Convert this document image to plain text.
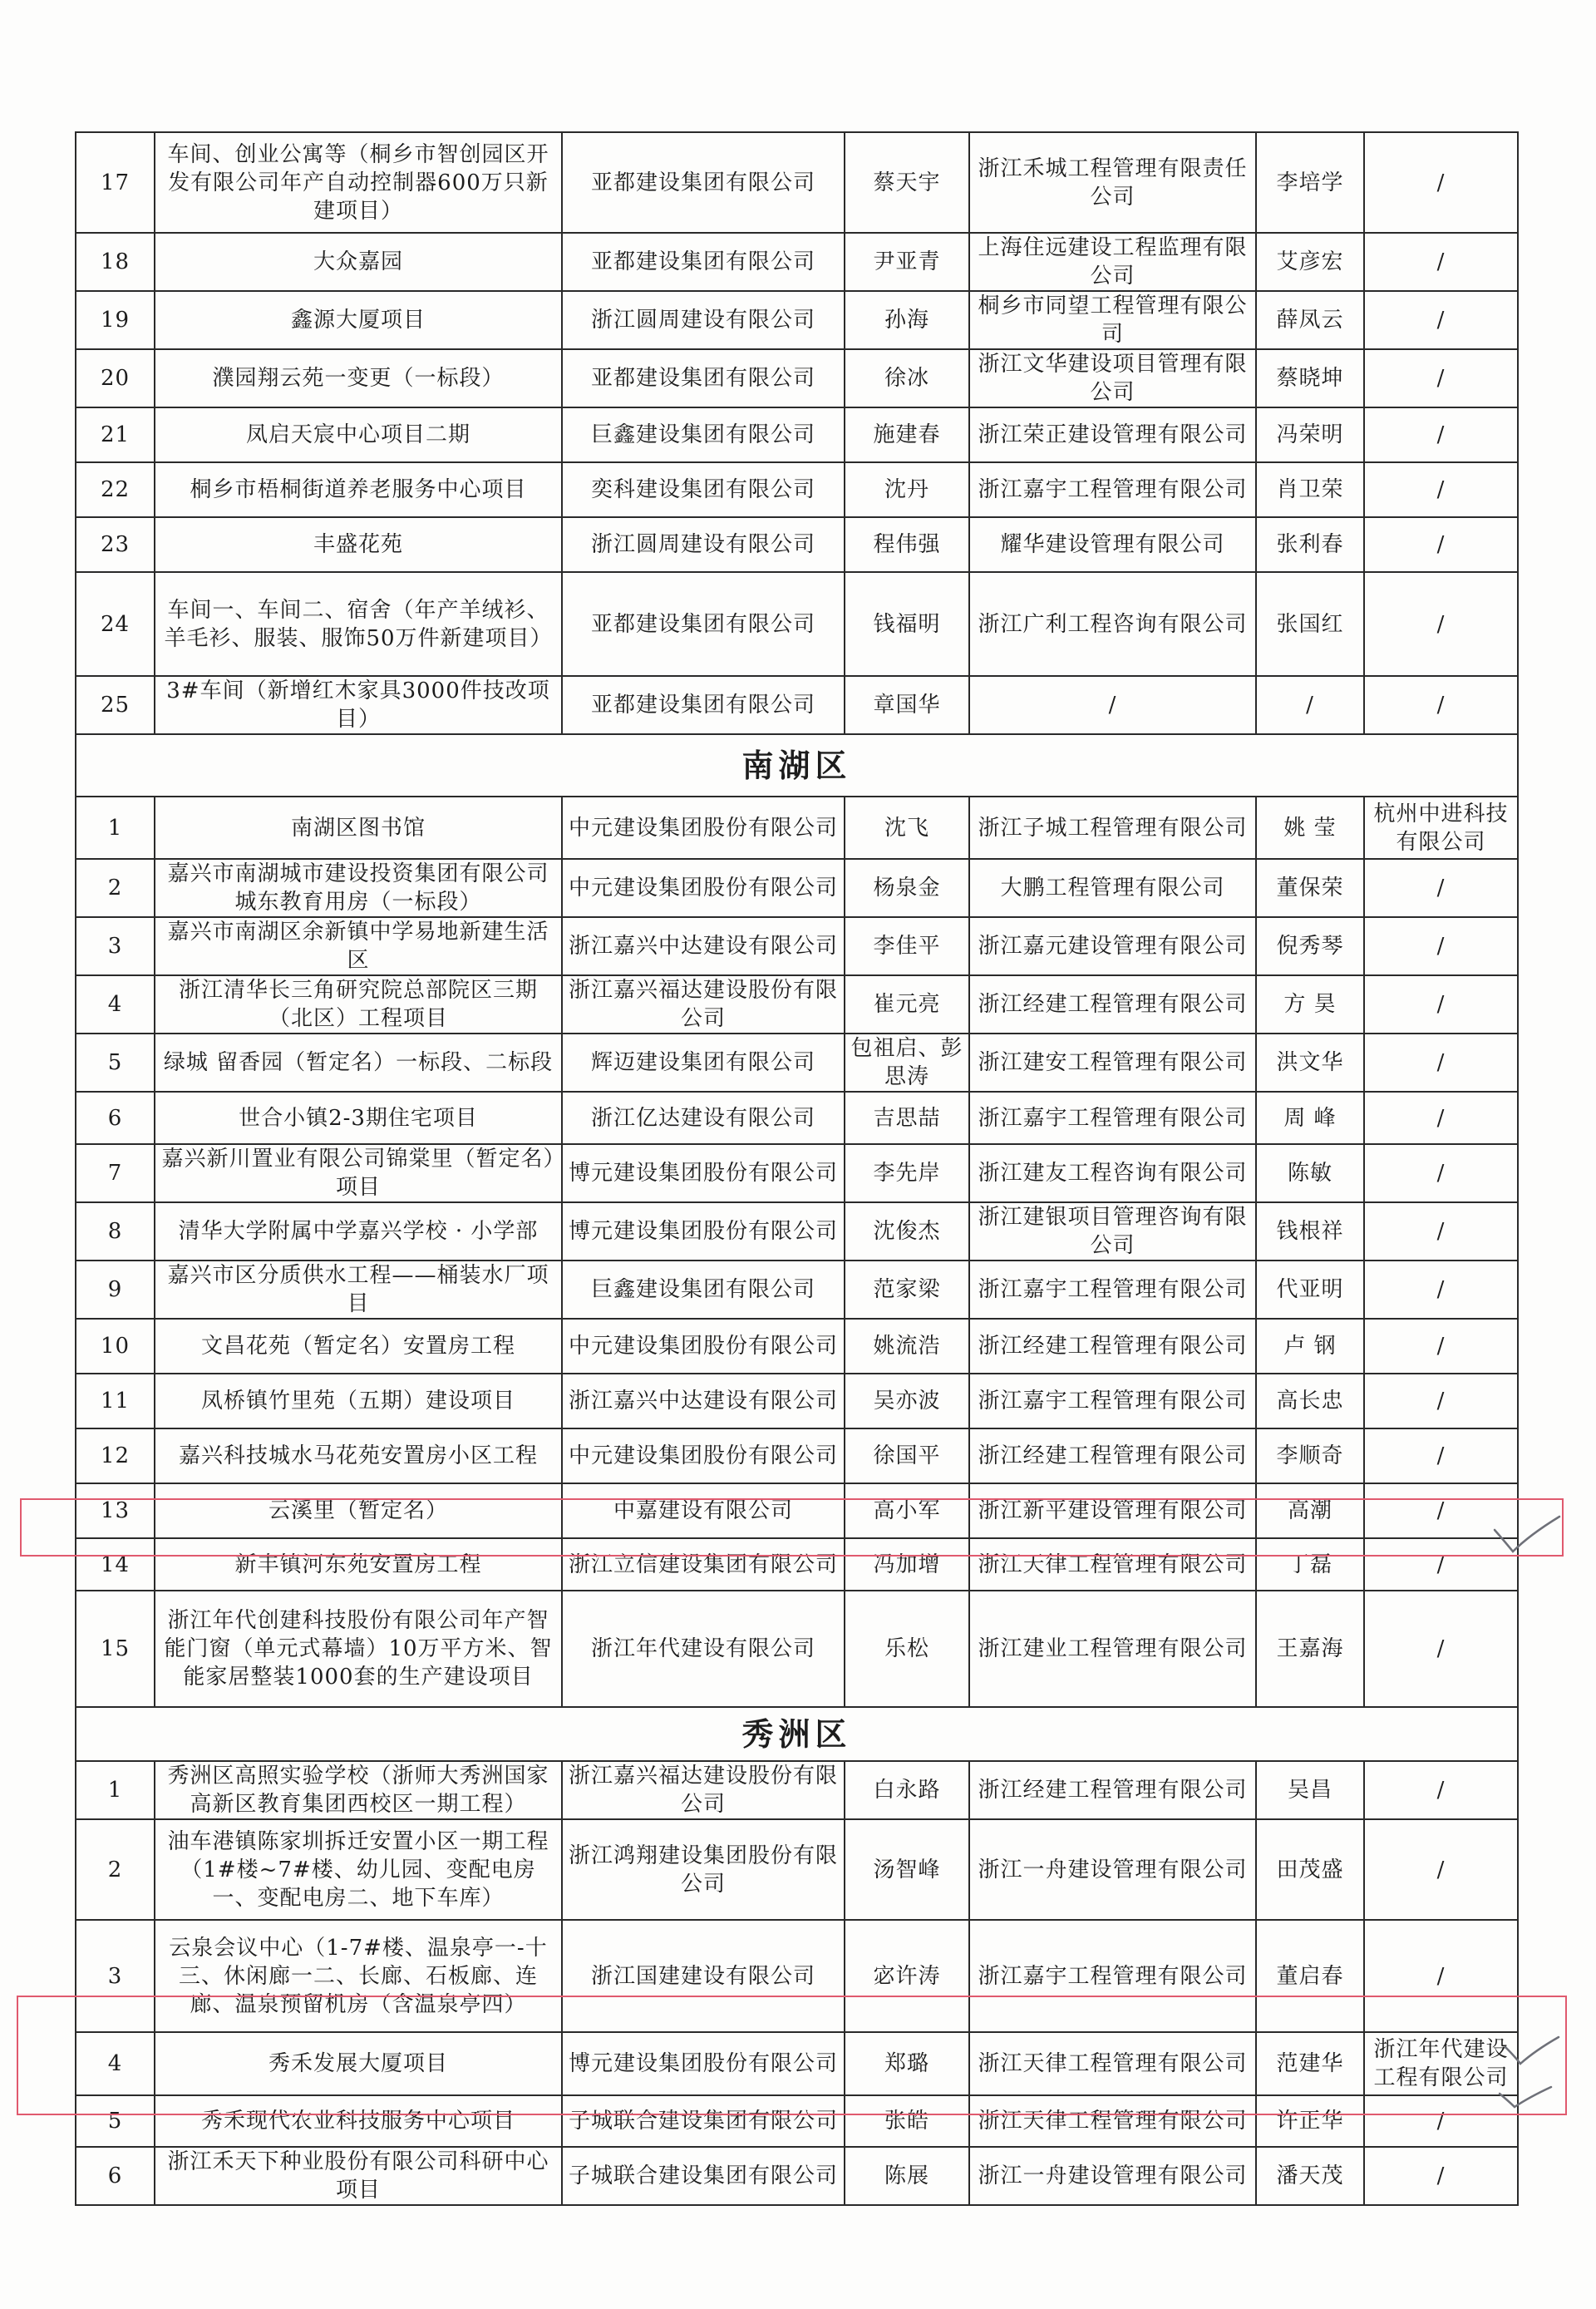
17	车间、创业公寓等（桐乡市智创园区开发有限公司年产自动控制器600万只新建项目）	亚都建设集团有限公司	蔡天宇	浙江禾城工程管理有限责任公司	李培学	/
18	大众嘉园	亚都建设集团有限公司	尹亚青	上海住远建设工程监理有限公司	艾彦宏	/
19	鑫源大厦项目	浙江圆周建设有限公司	孙海	桐乡市同望工程管理有限公司	薛凤云	/
20	濮园翔云苑一变更（一标段）	亚都建设集团有限公司	徐冰	浙江文华建设项目管理有限公司	蔡晓坤	/
21	凤启天宸中心项目二期	巨鑫建设集团有限公司	施建春	浙江荣正建设管理有限公司	冯荣明	/
22	桐乡市梧桐街道养老服务中心项目	奕科建设集团有限公司	沈丹	浙江嘉宇工程管理有限公司	肖卫荣	/
23	丰盛花苑	浙江圆周建设有限公司	程伟强	耀华建设管理有限公司	张利春	/
24	车间一、车间二、宿舍（年产羊绒衫、羊毛衫、服装、服饰50万件新建项目）	亚都建设集团有限公司	钱福明	浙江广利工程咨询有限公司	张国红	/
25	3#车间（新增红木家具3000件技改项目）	亚都建设集团有限公司	章国华	/	/	/
南湖区						
1	南湖区图书馆	中元建设集团股份有限公司	沈飞	浙江子城工程管理有限公司	姚 莹	杭州中进科技有限公司
2	嘉兴市南湖城市建设投资集团有限公司城东教育用房（一标段）	中元建设集团股份有限公司	杨泉金	大鹏工程管理有限公司	董保荣	/
3	嘉兴市南湖区余新镇中学易地新建生活区	浙江嘉兴中达建设有限公司	李佳平	浙江嘉元建设管理有限公司	倪秀琴	/
4	浙江清华长三角研究院总部院区三期（北区）工程项目	浙江嘉兴福达建设股份有限公司	崔元亮	浙江经建工程管理有限公司	方 昊	/
5	绿城 留香园（暂定名）一标段、二标段	辉迈建设集团有限公司	包祖启、彭思涛	浙江建安工程管理有限公司	洪文华	/
6	世合小镇2-3期住宅项目	浙江亿达建设有限公司	吉思喆	浙江嘉宇工程管理有限公司	周 峰	/
7	嘉兴新川置业有限公司锦棠里（暂定名）项目	博元建设集团股份有限公司	李先岸	浙江建友工程咨询有限公司	陈敏	/
8	清华大学附属中学嘉兴学校 · 小学部	博元建设集团股份有限公司	沈俊杰	浙江建银项目管理咨询有限公司	钱根祥	/
9	嘉兴市区分质供水工程——桶装水厂项目	巨鑫建设集团有限公司	范家梁	浙江嘉宇工程管理有限公司	代亚明	/
10	文昌花苑（暂定名）安置房工程	中元建设集团股份有限公司	姚流浩	浙江经建工程管理有限公司	卢 钢	/
11	凤桥镇竹里苑（五期）建设项目	浙江嘉兴中达建设有限公司	吴亦波	浙江嘉宇工程管理有限公司	高长忠	/
12	嘉兴科技城水马花苑安置房小区工程	中元建设集团股份有限公司	徐国平	浙江经建工程管理有限公司	李顺奇	/
13	云溪里（暂定名）	中嘉建设有限公司	高小军	浙江新平建设管理有限公司	高潮	/
14	新丰镇河东苑安置房工程	浙江立信建设集团有限公司	冯加增	浙江天律工程管理有限公司	丁磊	/
15	浙江年代创建科技股份有限公司年产智能门窗（单元式幕墙）10万平方米、智能家居整装1000套的生产建设项目	浙江年代建设有限公司	乐松	浙江建业工程管理有限公司	王嘉海	/
秀洲区						
1	秀洲区高照实验学校（浙师大秀洲国家高新区教育集团西校区一期工程）	浙江嘉兴福达建设股份有限公司	白永路	浙江经建工程管理有限公司	吴昌	/
2	油车港镇陈家圳拆迁安置小区一期工程（1#楼~7#楼、幼儿园、变配电房一、变配电房二、地下车库）	浙江鸿翔建设集团股份有限公司	汤智峰	浙江一舟建设管理有限公司	田茂盛	/
3	云泉会议中心（1-7#楼、温泉亭一-十三、休闲廊一二、长廊、石板廊、连廊、温泉预留机房（含温泉亭四）	浙江国建建设有限公司	宓许涛	浙江嘉宇工程管理有限公司	董启春	/
4	秀禾发展大厦项目	博元建设集团股份有限公司	郑璐	浙江天律工程管理有限公司	范建华	浙江年代建设工程有限公司
5	秀禾现代农业科技服务中心项目	子城联合建设集团有限公司	张皓	浙江天律工程管理有限公司	许正华	/
6	浙江禾天下种业股份有限公司科研中心项目	子城联合建设集团有限公司	陈展	浙江一舟建设管理有限公司	潘天茂	/
